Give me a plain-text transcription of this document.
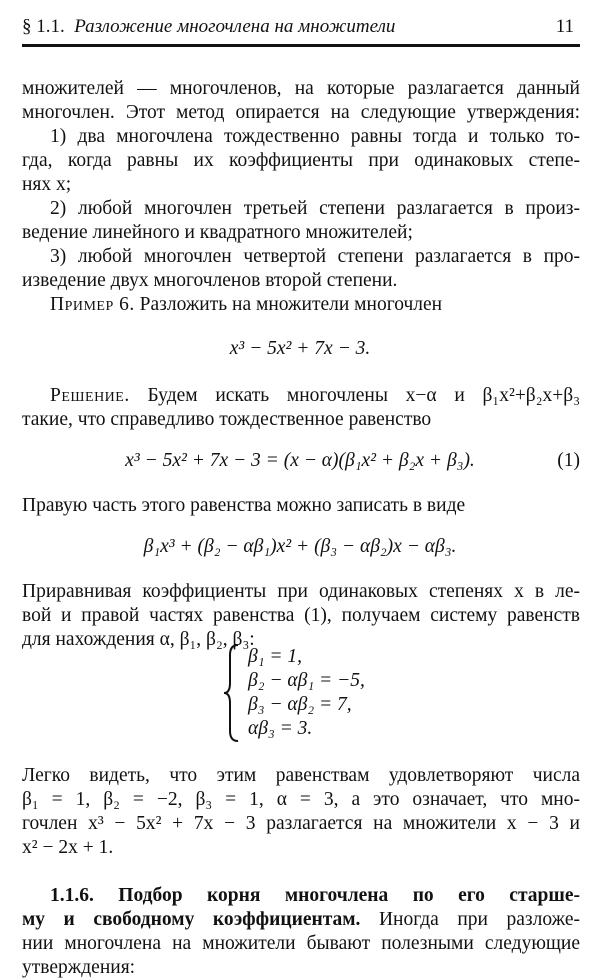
§ 1.1. Разложение многочлена на множители	11
множителей — многочленов, на которые разлагается данный
многочлен. Этот метод опирается на следующие утверждения:
1) два многочлена тождественно равны тогда и только то-
гда, когда равны их коэффициенты при одинаковых степе-
нях x;
2) любой многочлен третьей степени разлагается в произ-
ведение линейного и квадратного множителей;
3) любой многочлен четвертой степени разлагается в про-
изведение двух многочленов второй степени.
Пример 6. Разложить на множители многочлен
x³ − 5x² + 7x − 3.
Решение. Будем искать многочлены x−α и β₁x²+β₂x+β₃
такие, что справедливо тождественное равенство
x³ − 5x² + 7x − 3 = (x − α)(β₁x² + β₂x + β₃).	(1)
Правую часть этого равенства можно записать в виде
β₁x³ + (β₂ − αβ₁)x² + (β₃ − αβ₂)x − αβ₃.
Приравнивая коэффициенты при одинаковых степенях x в ле-
вой и правой частях равенства (1), получаем систему равенств
для нахождения α, β₁, β₂, β₃:
β₁ = 1,
β₂ − αβ₁ = −5,
β₃ − αβ₂ = 7,
αβ₃ = 3.
Легко видеть, что этим равенствам удовлетворяют числа
β₁ = 1, β₂ = −2, β₃ = 1, α = 3, а это означает, что мно-
гочлен x³ − 5x² + 7x − 3 разлагается на множители x − 3 и
x² − 2x + 1.
1.1.6. Подбор корня многочлена по его старше-
му и свободному коэффициентам. Иногда при разложе-
нии многочлена на множители бывают полезными следующие
утверждения:
